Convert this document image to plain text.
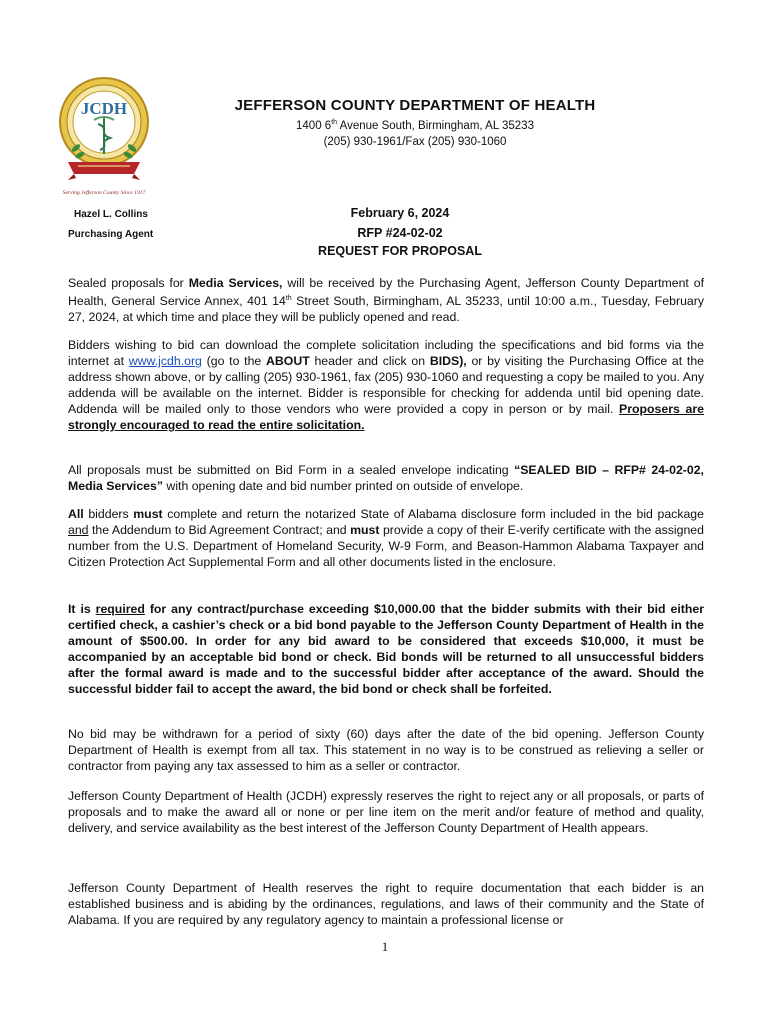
JCDH
Serving Jefferson County Since 1917
Hazel L. Collins
Purchasing Agent
JEFFERSON COUNTY DEPARTMENT OF HEALTH
1400 6th Avenue South, Birmingham, AL 35233
(205) 930-1961/Fax (205) 930-1060
February 6, 2024
RFP #24-02-02
REQUEST FOR PROPOSAL
Sealed proposals for Media Services, will be received by the Purchasing Agent, Jefferson County Department of Health, General Service Annex, 401 14th Street South, Birmingham, AL 35233, until 10:00 a.m., Tuesday, February 27, 2024, at which time and place they will be publicly opened and read.
Bidders wishing to bid can download the complete solicitation including the specifications and bid forms via the internet at www.jcdh.org (go to the ABOUT header and click on BIDS), or by visiting the Purchasing Office at the address shown above, or by calling (205) 930-1961, fax (205) 930-1060 and requesting a copy be mailed to you. Any addenda will be available on the internet. Bidder is responsible for checking for addenda until bid opening date. Addenda will be mailed only to those vendors who were provided a copy in person or by mail. Proposers are strongly encouraged to read the entire solicitation.
All proposals must be submitted on Bid Form in a sealed envelope indicating “SEALED BID – RFP# 24-02-02, Media Services” with opening date and bid number printed on outside of envelope.
All bidders must complete and return the notarized State of Alabama disclosure form included in the bid package and the Addendum to Bid Agreement Contract; and must provide a copy of their E-verify certificate with the assigned number from the U.S. Department of Homeland Security, W-9 Form, and Beason-Hammon Alabama Taxpayer and Citizen Protection Act Supplemental Form and all other documents listed in the enclosure.
It is required for any contract/purchase exceeding $10,000.00 that the bidder submits with their bid either certified check, a cashier’s check or a bid bond payable to the Jefferson County Department of Health in the amount of $500.00. In order for any bid award to be considered that exceeds $10,000, it must be accompanied by an acceptable bid bond or check. Bid bonds will be returned to all unsuccessful bidders after the formal award is made and to the successful bidder after acceptance of the award. Should the successful bidder fail to accept the award, the bid bond or check shall be forfeited.
No bid may be withdrawn for a period of sixty (60) days after the date of the bid opening. Jefferson County Department of Health is exempt from all tax. This statement in no way is to be construed as relieving a seller or contractor from paying any tax assessed to him as a seller or contractor.
Jefferson County Department of Health (JCDH) expressly reserves the right to reject any or all proposals, or parts of proposals and to make the award all or none or per line item on the merit and/or feature of method and quality, delivery, and service availability as the best interest of the Jefferson County Department of Health appears.
Jefferson County Department of Health reserves the right to require documentation that each bidder is an established business and is abiding by the ordinances, regulations, and laws of their community and the State of Alabama. If you are required by any regulatory agency to maintain a professional license or
1
